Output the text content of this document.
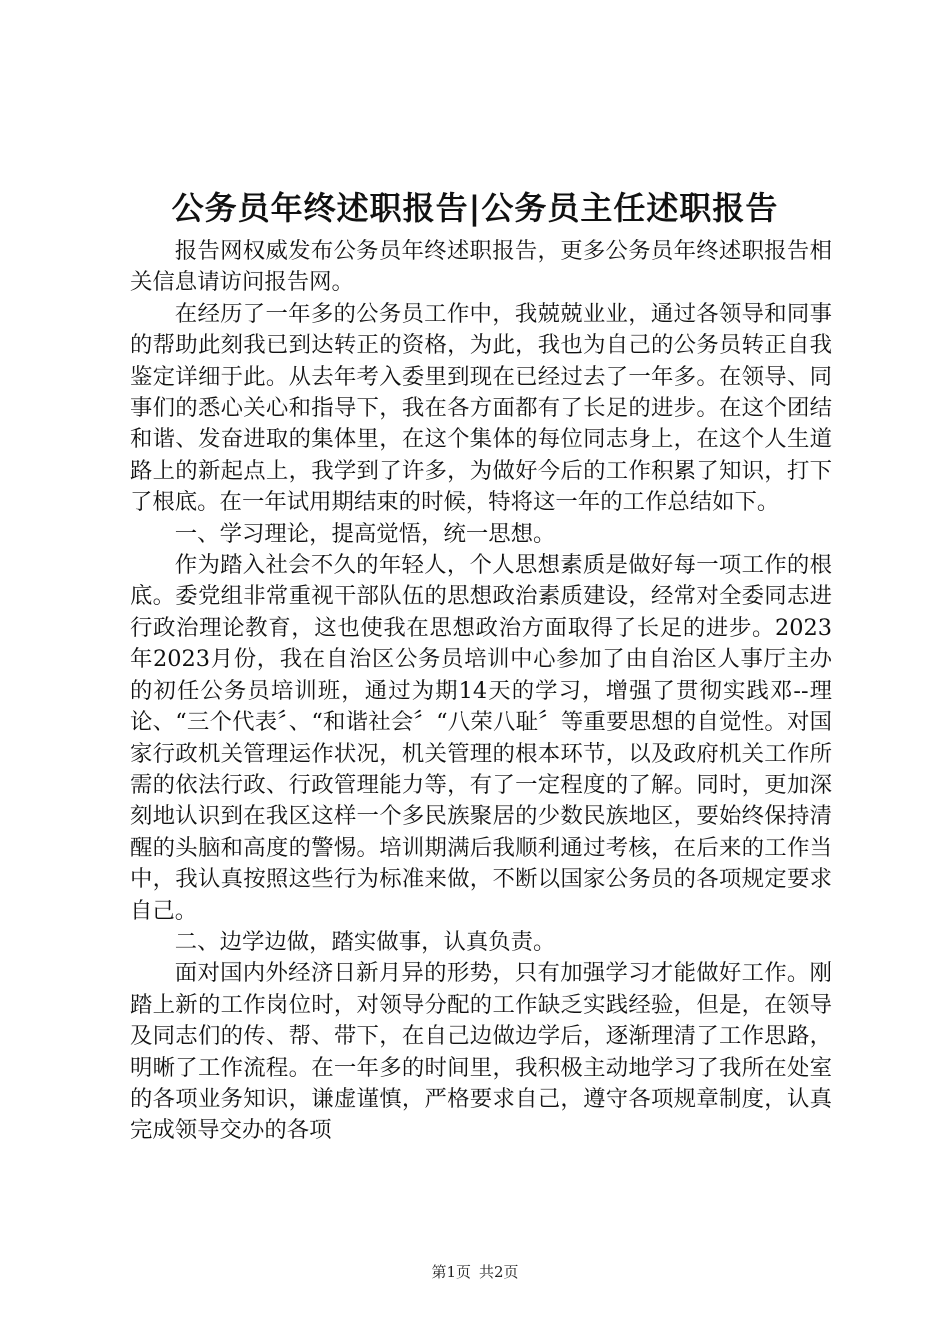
公务员年终述职报告|公务员主任述职报告

报告网权威发布公务员年终述职报告，更多公务员年终述职报告相关信息请访问报告网。

在经历了一年多的公务员工作中，我兢兢业业，通过各领导和同事的帮助此刻我已到达转正的资格，为此，我也为自己的公务员转正自我鉴定详细于此。从去年考入委里到现在已经过去了一年多。在领导、同事们的悉心关心和指导下，我在各方面都有了长足的进步。在这个团结和谐、发奋进取的集体里，在这个集体的每位同志身上，在这个人生道路上的新起点上，我学到了许多，为做好今后的工作积累了知识，打下了根底。在一年试用期结束的时候，特将这一年的工作总结如下。

一、学习理论，提高觉悟，统一思想。

作为踏入社会不久的年轻人，个人思想素质是做好每一项工作的根底。委党组非常重视干部队伍的思想政治素质建设，经常对全委同志进行政治理论教育，这也使我在思想政治方面取得了长足的进步。2023年2023月份，我在自治区公务员培训中心参加了由自治区人事厅主办的初任公务员培训班，通过为期14天的学习，增强了贯彻实践邓--理论、“三个代表〞、“和谐社会〞“八荣八耻〞等重要思想的自觉性。对国家行政机关管理运作状况，机关管理的根本环节，以及政府机关工作所需的依法行政、行政管理能力等，有了一定程度的了解。同时，更加深刻地认识到在我区这样一个多民族聚居的少数民族地区，要始终保持清醒的头脑和高度的警惕。培训期满后我顺利通过考核，在后来的工作当中，我认真按照这些行为标准来做，不断以国家公务员的各项规定要求自己。

二、边学边做，踏实做事，认真负责。

面对国内外经济日新月异的形势，只有加强学习才能做好工作。刚踏上新的工作岗位时，对领导分配的工作缺乏实践经验，但是，在领导及同志们的传、帮、带下，在自己边做边学后，逐渐理清了工作思路，明晰了工作流程。在一年多的时间里，我积极主动地学习了我所在处室的各项业务知识，谦虚谨慎，严格要求自己，遵守各项规章制度，认真完成领导交办的各项

第1页 共2页
